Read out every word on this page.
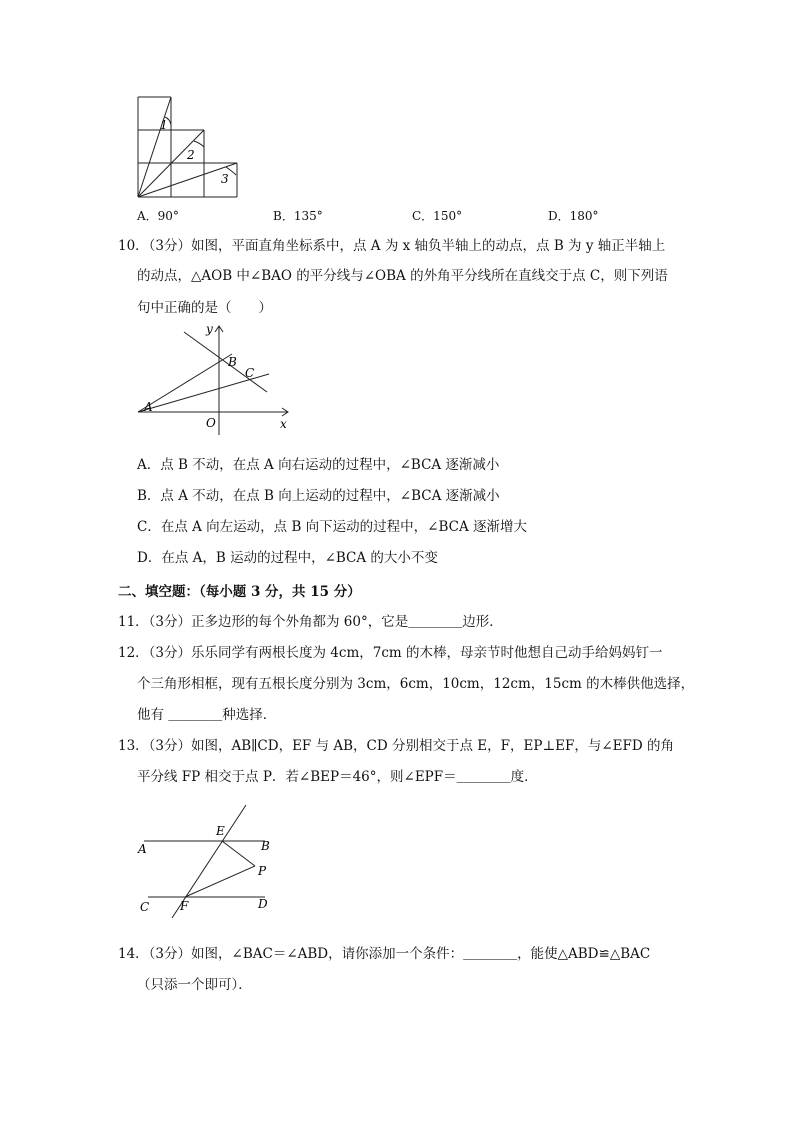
1
2
3
A．90°	B．135°	C．150°	D．180°
10．（3分）如图，平面直角坐标系中，点 A 为 x 轴负半轴上的动点，点 B 为 y 轴正半轴上
的动点，△AOB 中∠BAO 的平分线与∠OBA 的外角平分线所在直线交于点 C，则下列语
句中正确的是（　　）
y
x
O
A
B
C
A．点 B 不动，在点 A 向右运动的过程中，∠BCA 逐渐减小
B．点 A 不动，在点 B 向上运动的过程中，∠BCA 逐渐减小
C．在点 A 向左运动，点 B 向下运动的过程中，∠BCA 逐渐增大
D．在点 A，B 运动的过程中，∠BCA 的大小不变
二、填空题：（每小题 3 分，共 15 分）
11．（3分）正多边形的每个外角都为 60°，它是＿＿＿＿边形．
12．（3分）乐乐同学有两根长度为 4cm，7cm 的木棒，母亲节时他想自己动手给妈妈钉一
个三角形相框，现有五根长度分别为 3cm，6cm，10cm，12cm，15cm 的木棒供他选择，
他有 ＿＿＿＿种选择．
13．（3分）如图，AB∥CD，EF 与 AB，CD 分别相交于点 E，F，EP⊥EF，与∠EFD 的角
平分线 FP 相交于点 P．若∠BEP＝46°，则∠EPF＝＿＿＿＿度．
A	B
C	D
E
F
P
14．（3分）如图，∠BAC＝∠ABD，请你添加一个条件：＿＿＿＿，能使△ABD≌△BAC
（只添一个即可）．
